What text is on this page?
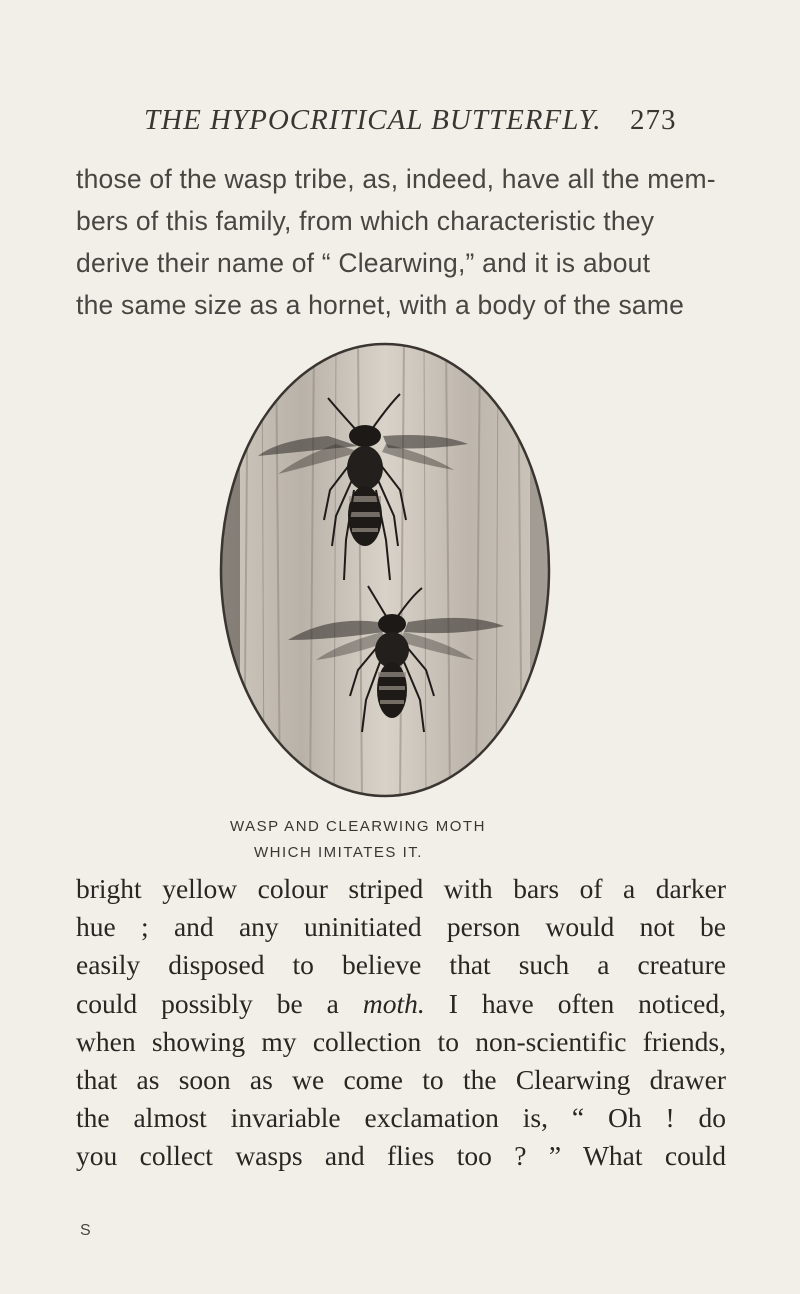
THE HYPOCRITICAL BUTTERFLY. 273
those of the wasp tribe, as, indeed, have all the mem-
bers of this family, from which characteristic they
derive their name of “ Clearwing,” and it is about
the same size as a hornet, with a body of the same
WASP AND CLEARWING MOTH
WHICH IMITATES IT.
bright yellow colour striped with bars of a darker
hue ; and any uninitiated person would not be
easily disposed to believe that such a creature
could possibly be a moth. I have often noticed,
when showing my collection to non-scientific friends,
that as soon as we come to the Clearwing drawer
the almost invariable exclamation is, “ Oh ! do
you collect wasps and flies too ? ” What could
S
